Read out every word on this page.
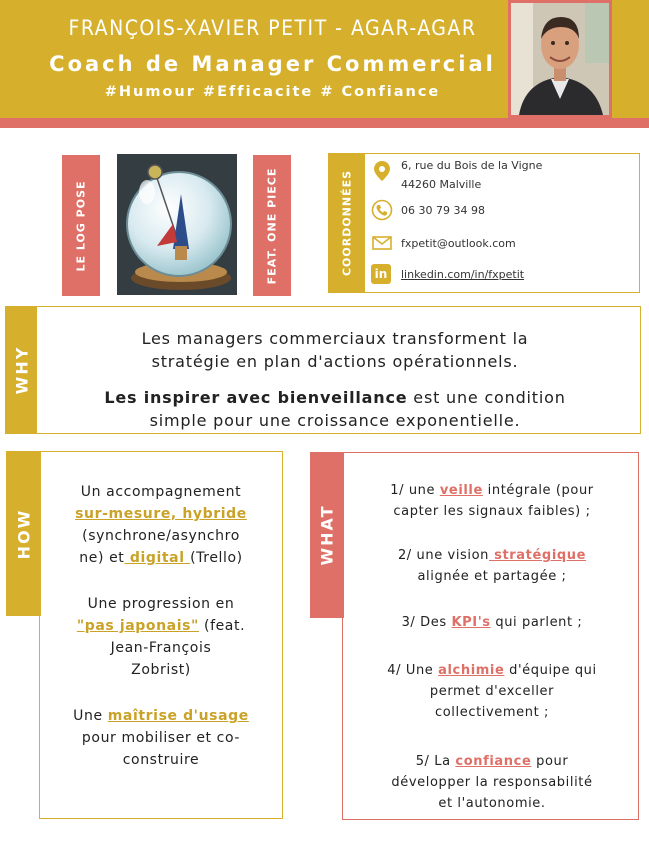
FRANÇOIS-XAVIER PETIT - AGAR-AGAR
Coach de Manager Commercial
#Humour #Efficacite # Confiance
LE LOG POSE	FEAT. ONE PIECE	COORDONNÉES
6, rue du Bois de la Vigne
44260 Malville
06 30 79 34 98
fxpetit@outlook.com
in	linkedin.com/in/fxpetit
WHY
Les managers commerciaux transforment la
stratégie en plan d'actions opérationnels.
Les inspirer avec bienveillance est une condition
simple pour une croissance exponentielle.
HOW
Un accompagnement
sur-mesure, hybride
(synchrone/asynchro
ne) et digital (Trello)
Une progression en
"pas japonais" (feat.
Jean-François
Zobrist)
Une maîtrise d'usage
pour mobiliser et co-
construire
WHAT
1/ une veille intégrale (pour
capter les signaux faibles) ;
2/ une vision stratégique
alignée et partagée ;
3/ Des KPI's qui parlent ;
4/ Une alchimie d'équipe qui
permet d'exceller
collectivement ;
5/ La confiance pour
développer la responsabilité
et l'autonomie.
